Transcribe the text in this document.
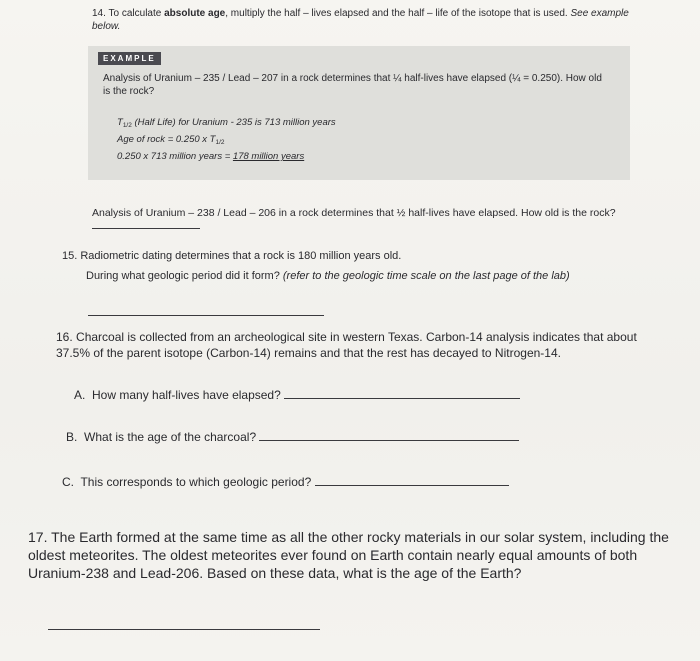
14. To calculate absolute age, multiply the half – lives elapsed and the half – life of the isotope that is used. See example below.
EXAMPLE
Analysis of Uranium – 235 / Lead – 207 in a rock determines that ¼ half-lives have elapsed (¼ = 0.250). How old is the rock?
$T_{1/2}$ (Half Life) for Uranium - 235 is 713 million years
Age of rock = 0.250 x $T_{1/2}$
0.250 x 713 million years = 178 million years
Analysis of Uranium – 238 / Lead – 206 in a rock determines that ½ half-lives have elapsed. How old is the rock?
15. Radiometric dating determines that a rock is 180 million years old.
During what geologic period did it form? (refer to the geologic time scale on the last page of the lab)
16. Charcoal is collected from an archeological site in western Texas. Carbon-14 analysis indicates that about 37.5% of the parent isotope (Carbon-14) remains and that the rest has decayed to Nitrogen-14.
A. How many half-lives have elapsed?
B. What is the age of the charcoal?
C. This corresponds to which geologic period?
17. The Earth formed at the same time as all the other rocky materials in our solar system, including the oldest meteorites. The oldest meteorites ever found on Earth contain nearly equal amounts of both Uranium-238 and Lead-206. Based on these data, what is the age of the Earth?
